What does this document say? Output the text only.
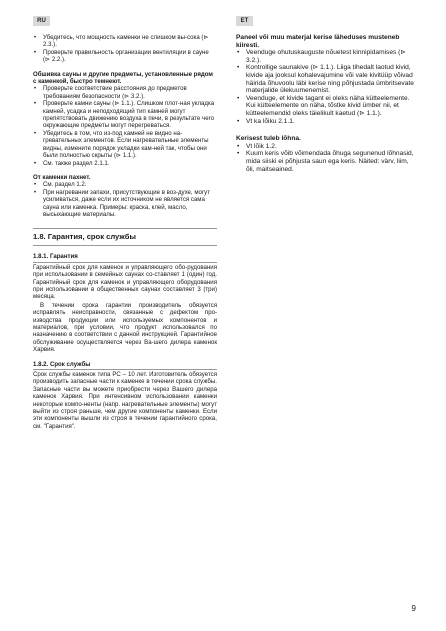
RU	ET
• Убедитесь, что мощность каменки не слишком вы-сока (⊳ 2.3.).
• Проверьте правильность организации вентиляции в сауне (⊳ 2.2.).
Обшивка сауны и другие предметы, установленные рядом с каменкой, быстро темнеют.
• Проверьте соответствие расстояния до предметов требованиям безопасности (⊳ 3.2.).
• Проверьте камни сауны (⊳ 1.1.). Слишком плот-ная укладка камней, усадка и неподходящий тип камней могут препятствовать движению воздуха в печи, в результате чего окружающие предметы могут перегреваться.
• Убедитесь в том, что из-под камней не видно на-гревательных элементов. Если нагревательные элементы видны, измените порядок укладки кам-ней так, чтобы они были полностью скрыты (⊳ 1.1.).
• См. также раздел 2.1.1.
От каменки пахнет.
• См. раздел 1.2.
• При нагревании запахи, присутствующие в воз-духе, могут усиливаться, даже если их источником не является сама сауна или каменка. Примеры: краска, клей, масло, высыхающие материалы.
1.8. Гарантия, срок службы
1.8.1. Гарантия
Гарантийный срок для каменок и управляющего обо-рудования при использовании в семейных саунах со-ставляет 1 (один) год. Гарантийный срок для каменок и управляющего оборудования при использовании в общественных саунах составляет 3 (три) месяца.
В течении срока гарантии производитель обязуется исправлять неисправности, связанные с дефектом про-изводства продукции или используемых компонентов и материалов, при условии, что продукт использовался по назначению в соответствии с данной инструкцией. Гарантийное обслуживание осуществляется через Ва-шего дилера каменок Харвия.
1.8.2. Срок службы
Срок службы каменок типа PC – 10 лет. Изготовитель обязуется производить запасные части к каменке в течении срока службы. Запасные части вы можете приобрести через Вашего дилера каменок Харвия. При интенсивном использовании каменки некоторые компо-ненты (напр. нагревательные элементы) могут выйти из строя раньше, чем другие компоненты каменки. Если эти компоненты вышли из строя в течении гарантийного срока, см. "Гарантия".
Paneel või muu materjal kerise läheduses musteneb kiiresti.
• Veenduge ohutuskauguste nõuetest kinnipidamises (⊳ 3.2.).
• Kontrollige saunakive (⊳ 1.1.). Liiga tihedalt laotud kivid, kivide aja jooksul kohalevajumine või vale kivitüüp võivad häirida õhuvoolu läbi kerise ning põhjustada ümbritsevate materjalide ülekuumenemist.
• Veenduge, et kivide tagant ei oleks näha kütteelemente. Kui kütteelemente on näha, tõstke kivid ümber nii, et kütteelemendid oleks täielikult kaetud (⊳ 1.1.).
• Vt ka lõiku 2.1.1.
Kerisest tuleb lõhna.
• Vt lõik 1.2.
• Kuum keris võib võimendada õhuga segunenud lõhnasid, mida siiski ei põhjusta saun ega keris. Näited: värv, liim, õli, maitseained.
9
